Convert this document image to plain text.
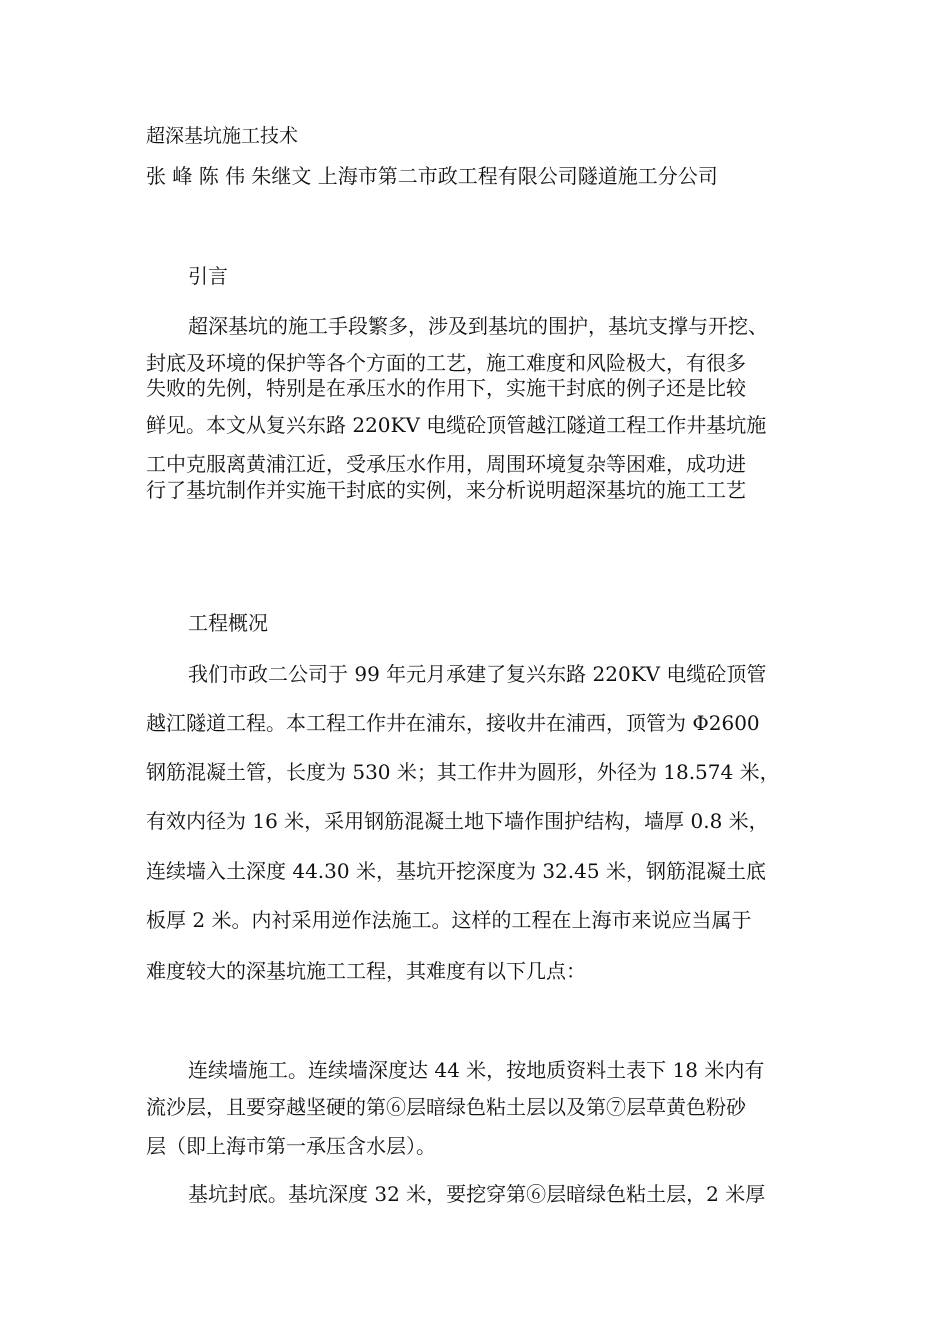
超深基坑施工技术
张 峰 陈 伟 朱继文 上海市第二市政工程有限公司隧道施工分公司
引言
超深基坑的施工手段繁多，涉及到基坑的围护，基坑支撑与开挖、
封底及环境的保护等各个方面的工艺，施工难度和风险极大，有很多
失败的先例，特别是在承压水的作用下，实施干封底的例子还是比较
鲜见。本文从复兴东路 220KV 电缆砼顶管越江隧道工程工作井基坑施
工中克服离黄浦江近，受承压水作用，周围环境复杂等困难，成功进
行了基坑制作并实施干封底的实例，来分析说明超深基坑的施工工艺
工程概况
我们市政二公司于 99 年元月承建了复兴东路 220KV 电缆砼顶管
越江隧道工程。本工程工作井在浦东，接收井在浦西，顶管为 Φ2600
钢筋混凝土管，长度为 530 米；其工作井为圆形，外径为 18.574 米，
有效内径为 16 米，采用钢筋混凝土地下墙作围护结构，墙厚 0.8 米，
连续墙入土深度 44.30 米，基坑开挖深度为 32.45 米，钢筋混凝土底
板厚 2 米。内衬采用逆作法施工。这样的工程在上海市来说应当属于
难度较大的深基坑施工工程，其难度有以下几点：
连续墙施工。连续墙深度达 44 米，按地质资料土表下 18 米内有
流沙层，且要穿越坚硬的第⑥层暗绿色粘土层以及第⑦层草黄色粉砂
层（即上海市第一承压含水层）。
基坑封底。基坑深度 32 米，要挖穿第⑥层暗绿色粘土层，2 米厚
